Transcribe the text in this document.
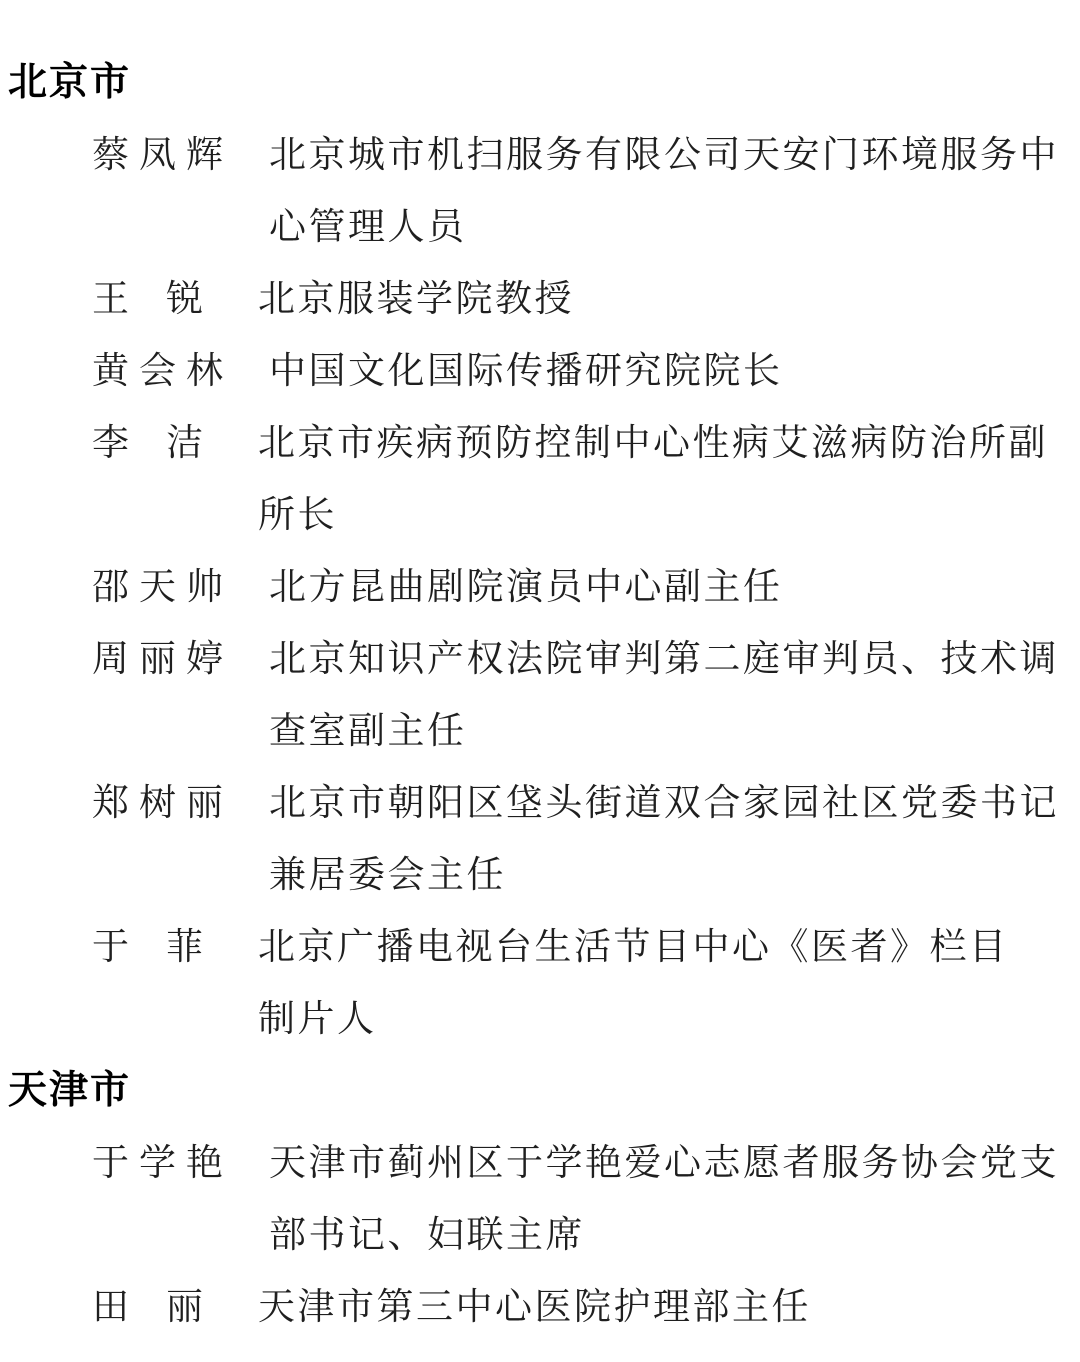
北京市
蔡凤辉 北京城市机扫服务有限公司天安门环境服务中
心管理人员
王　锐	北京服装学院教授
黄会林 中国文化国际传播研究院院长
李　洁	北京市疾病预防控制中心性病艾滋病防治所副
所长
邵天帅 北方昆曲剧院演员中心副主任
周丽婷 北京知识产权法院审判第二庭审判员、技术调
查室副主任
郑树丽 北京市朝阳区垡头街道双合家园社区党委书记
兼居委会主任
于　菲	北京广播电视台生活节目中心《医者》栏目
制片人
天津市
于学艳 天津市蓟州区于学艳爱心志愿者服务协会党支
部书记、妇联主席
田　丽	天津市第三中心医院护理部主任
